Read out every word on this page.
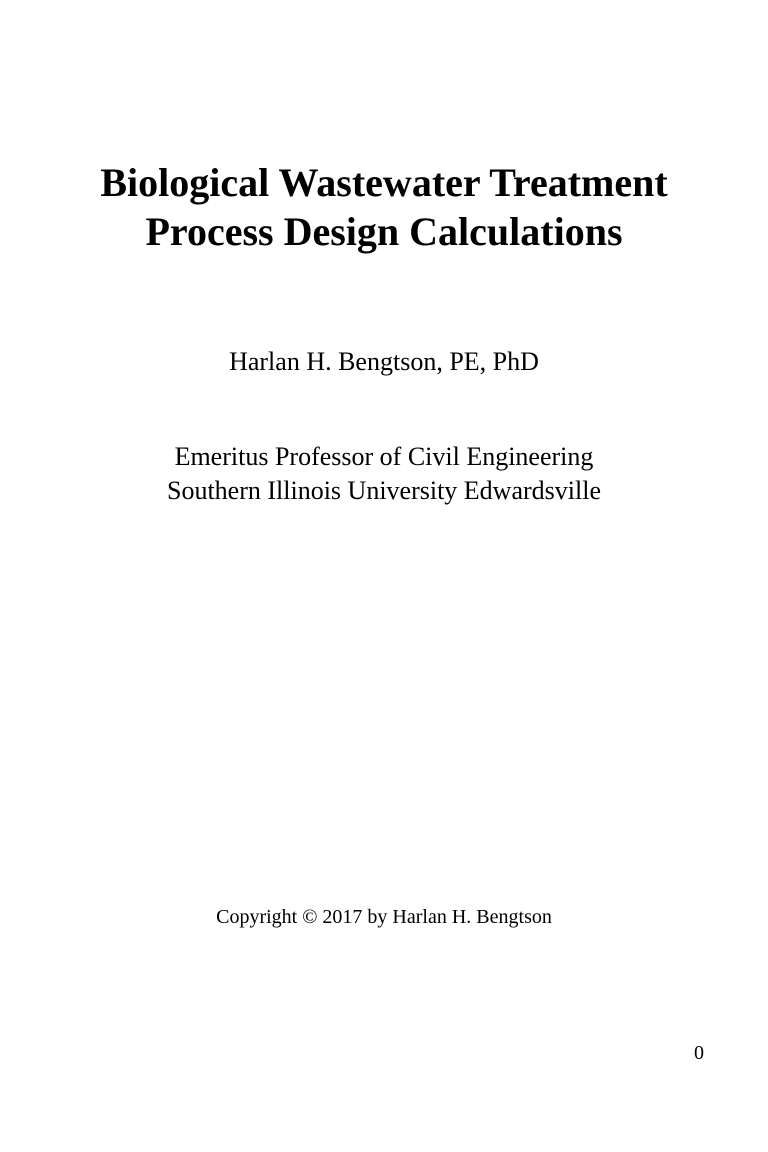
Biological Wastewater Treatment
Process Design Calculations
Harlan H. Bengtson, PE, PhD
Emeritus Professor of Civil Engineering
Southern Illinois University Edwardsville
Copyright © 2017 by Harlan H. Bengtson
0
